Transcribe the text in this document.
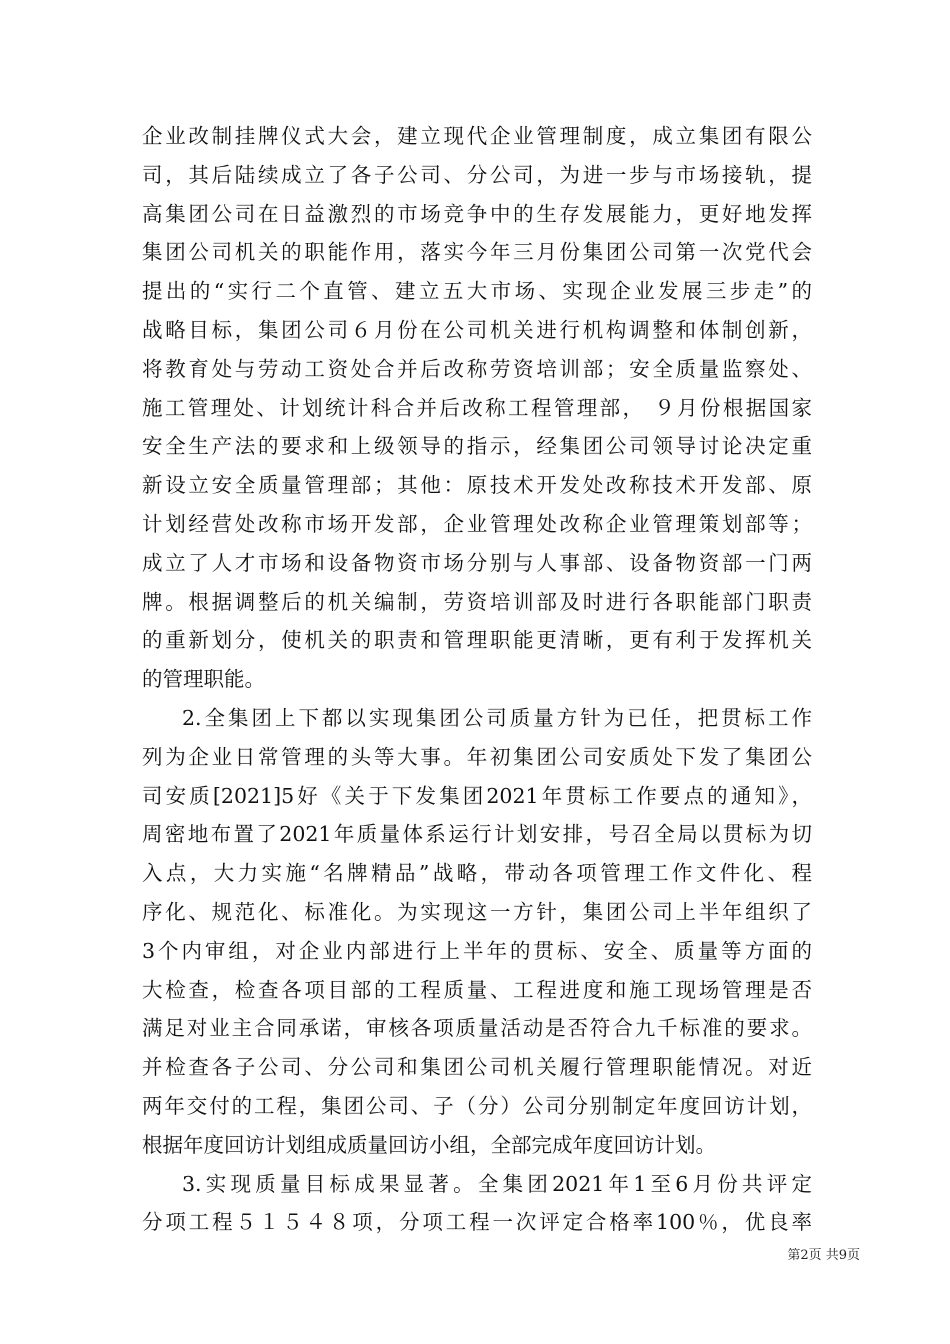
企业改制挂牌仪式大会，建立现代企业管理制度，成立集团有限公
司，其后陆续成立了各子公司、分公司，为进一步与市场接轨，提
高集团公司在日益激烈的市场竞争中的生存发展能力，更好地发挥
集团公司机关的职能作用，落实今年三月份集团公司第一次党代会
提出的“实行二个直管、建立五大市场、实现企业发展三步走”的
战略目标，集团公司６月份在公司机关进行机构调整和体制创新，
将教育处与劳动工资处合并后改称劳资培训部；安全质量监察处、
施工管理处、计划统计科合并后改称工程管理部， ９月份根据国家
安全生产法的要求和上级领导的指示，经集团公司领导讨论决定重
新设立安全质量管理部；其他：原技术开发处改称技术开发部、原
计划经营处改称市场开发部，企业管理处改称企业管理策划部等；
成立了人才市场和设备物资市场分别与人事部、设备物资部一门两
牌。根据调整后的机关编制，劳资培训部及时进行各职能部门职责
的重新划分，使机关的职责和管理职能更清晰，更有利于发挥机关
的管理职能。
2.全集团上下都以实现集团公司质量方针为已任，把贯标工作
列为企业日常管理的头等大事。年初集团公司安质处下发了集团公
司安质[2021]5好《关于下发集团2021年贯标工作要点的通知》，
周密地布置了2021年质量体系运行计划安排，号召全局以贯标为切
入点，大力实施“名牌精品”战略，带动各项管理工作文件化、程
序化、规范化、标准化。为实现这一方针，集团公司上半年组织了
3个内审组，对企业内部进行上半年的贯标、安全、质量等方面的
大检查，检查各项目部的工程质量、工程进度和施工现场管理是否
满足对业主合同承诺，审核各项质量活动是否符合九千标准的要求。
并检查各子公司、分公司和集团公司机关履行管理职能情况。对近
两年交付的工程，集团公司、子（分）公司分别制定年度回访计划，
根据年度回访计划组成质量回访小组，全部完成年度回访计划。
3.实现质量目标成果显著。全集团2021年1至6月份共评定
分项工程５１５４８项，分项工程一次评定合格率100％，优良率
第2页 共9页
